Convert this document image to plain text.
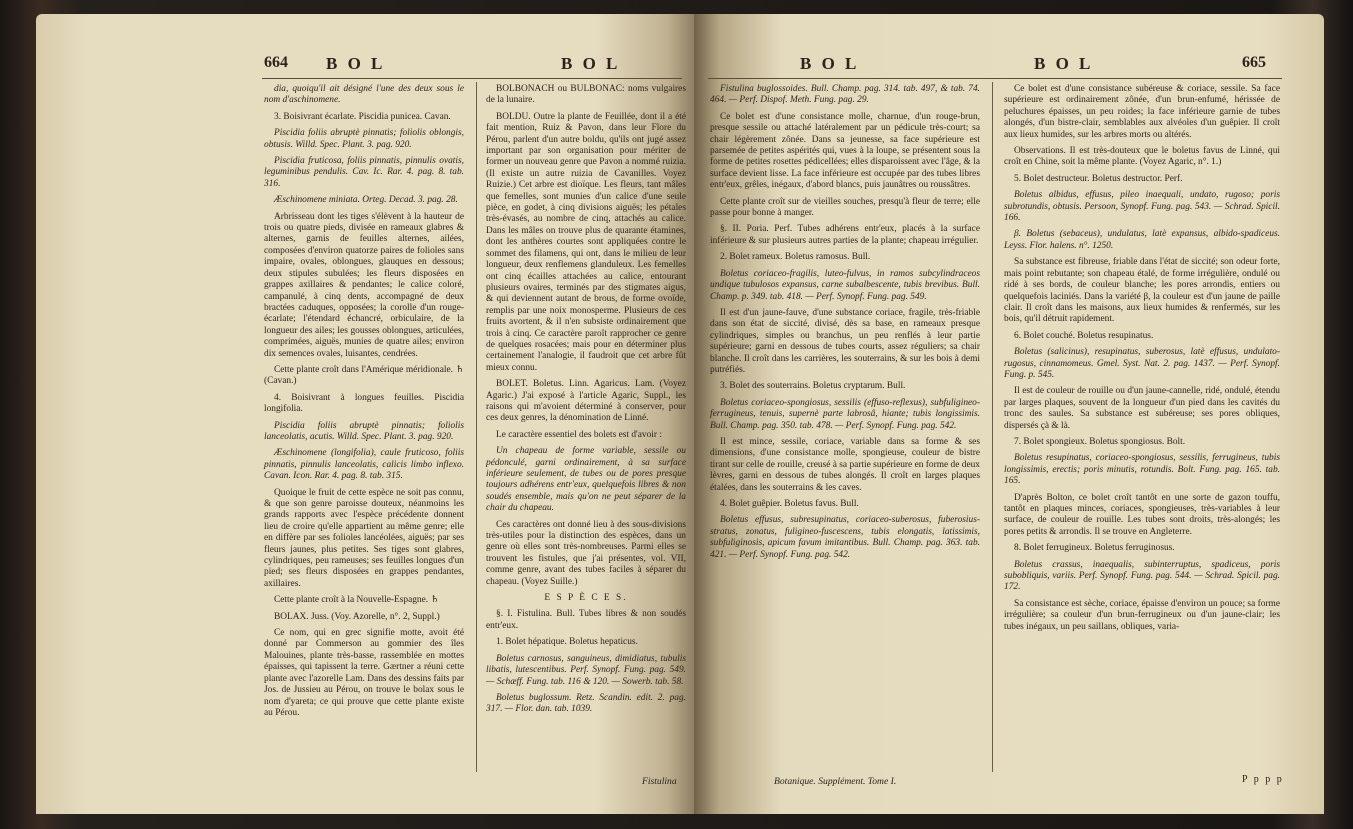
664 B O L	B O L

dia, quoiqu'il ait désigné l'une des deux sous le nom d'aschinomene.

3. Boisivrant écarlate. Piscidia punicea. Cavan.

Piscidia foliis abruptè pinnatis; foliolis oblongis, obtusis. Willd. Spec. Plant. 3. pag. 920.

Piscidia fruticosa, foliis pinnatis, pinnulis ovatis, leguminibus pendulis. Cav. Ic. Rar. 4. pag. 8. tab. 316.

Æschinomene miniata. Orteg. Decad. 3. pag. 28.

Arbrisseau dont les tiges s'élèvent à la hauteur de trois ou quatre pieds, divisée en rameaux glabres & alternes, garnis de feuilles alternes, ailées, composées d'environ quatorze paires de folioles sans impaire, ovales, oblongues, glauques en dessous; deux stipules subulées; les fleurs disposées en grappes axillaires & pendantes; le calice coloré, campanulé, à cinq dents, accompagné de deux bractées caduques, opposées; la corolle d'un rouge-écarlate; l'étendard échancré, orbiculaire, de la longueur des ailes; les gousses oblongues, articulées, comprimées, aiguës, munies de quatre ailes; environ dix semences ovales, luisantes, cendrées.

Cette plante croît dans l'Amérique méridionale. ♄ (Cavan.)

4. Boisivrant à longues feuilles. Piscidia longifolia.

Piscidia foliis abruptè pinnatis; foliolis lanceolatis, acutis. Willd. Spec. Plant. 3. pag. 920.

Æschinomene (longifolia), caule fruticoso, foliis pinnatis, pinnulis lanceolatis, calicis limbo inflexo. Cavan. Icon. Rar. 4. pag. 8. tab. 315.

Quoique le fruit de cette espèce ne soit pas connu, & que son genre paroisse douteux, néanmoins les grands rapports avec l'espèce précédente donnent lieu de croire qu'elle appartient au même genre; elle en diffère par ses folioles lancéolées, aiguës; par ses fleurs jaunes, plus petites. Ses tiges sont glabres, cylindriques, peu rameuses; ses feuilles longues d'un pied; ses fleurs disposées en grappes pendantes, axillaires.

Cette plante croît à la Nouvelle-Espagne. ♄

BOLAX. Juss. (Voy. Azorelle, n°. 2, Suppl.)

Ce nom, qui en grec signifie motte, avoit été donné par Commerson au gommier des îles Malouines, plante très-basse, rassemblée en mottes épaisses, qui tapissent la terre. Gærtner a réuni cette plante avec l'azorelle Lam. Dans des dessins faits par Jos. de Jussieu au Pérou, on trouve le bolax sous le nom d'yareta; ce qui prouve que cette plante existe au Pérou.

BOLBONACH ou BULBONAC: noms vulgaires de la lunaire.

BOLDU. Outre la plante de Feuillée, dont il a été fait mention, Ruiz & Pavon, dans leur Flore du Pérou, parlent d'un autre boldu, qu'ils ont jugé assez important par son organisation pour mériter de former un nouveau genre que Pavon a nommé ruizia. (Il existe un autre ruizia de Cavanilles. Voyez Ruizie.) Cet arbre est dioïque. Les fleurs, tant mâles que femelles, sont munies d'un calice d'une seule pièce, en godet, à cinq divisions aiguës; les pétales très-évasés, au nombre de cinq, attachés au calice. Dans les mâles on trouve plus de quarante étamines, dont les anthères courtes sont appliquées contre le sommet des filamens, qui ont, dans le milieu de leur longueur, deux renflemens glanduleux. Les femelles ont cinq écailles attachées au calice, entourant plusieurs ovaires, terminés par des stigmates aigus, & qui deviennent autant de brous, de forme ovoïde, remplis par une noix monosperme. Plusieurs de ces fruits avortent, & il n'en subsiste ordinairement que trois à cinq. Ce caractère paroît rapprocher ce genre de quelques rosacées; mais pour en déterminer plus certainement l'analogie, il faudroit que cet arbre fût mieux connu.

BOLET. Boletus. Linn. Agaricus. Lam. (Voyez Agaric.) J'ai exposé à l'article Agaric, Suppl., les raisons qui m'avoient déterminé à conserver, pour ces deux genres, la dénomination de Linné.

Le caractère essentiel des bolets est d'avoir :

Un chapeau de forme variable, sessile ou pédonculé, garni ordinairement, à sa surface inférieure seulement, de tubes ou de pores presque toujours adhérens entr'eux, quelquefois libres & non soudés ensemble, mais qu'on ne peut séparer de la chair du chapeau.

Ces caractères ont donné lieu à des sous-divisions très-utiles pour la distinction des espèces, dans un genre où elles sont très-nombreuses. Parmi elles se trouvent les fistules, que j'ai présentes, vol. VII, comme genre, avant des tubes faciles à séparer du chapeau. (Voyez Suille.)

E S P È C E S.

§. I. Fistulina. Bull. Tubes libres & non soudés entr'eux.

1. Bolet hépatique. Boletus hepaticus.

Boletus carnosus, sanguineus, dimidiatus, tubulis libatis, lutescentibus. Perf. Synopf. Fung. pag. 549. — Schæff. Fung. tab. 116 & 120. — Sowerb. tab. 58.

Boletus buglossum. Retz. Scandin. edit. 2. pag. 317. — Flor. dan. tab. 1039.

Fistulina
B O L	B O L	665

Fistulina buglossoides. Bull. Champ. pag. 314. tab. 497, & tab. 74. 464. — Perf. Dispof. Meth. Fung. pag. 29.

Ce bolet est d'une consistance molle, charnue, d'un rouge-brun, presque sessile ou attaché latéralement par un pédicule très-court; sa chair légèrement zônée. Dans sa jeunesse, sa face supérieure est parsemée de petites aspérités qui, vues à la loupe, se présentent sous la forme de petites rosettes pédicellées; elles disparoissent avec l'âge, & la surface devient lisse. La face inférieure est occupée par des tubes libres entr'eux, grêles, inégaux, d'abord blancs, puis jaunâtres ou roussâtres.

Cette plante croît sur de vieilles souches, presqu'à fleur de terre; elle passe pour bonne à manger.

§. II. Poria. Perf. Tubes adhérens entr'eux, placés à la surface inférieure & sur plusieurs autres parties de la plante; chapeau irrégulier.

2. Bolet rameux. Boletus ramosus. Bull.

Boletus coriaceo-fragilis, luteo-fulvus, in ramos subcylindraceos undique tubulosos expansus, carne subalbescente, tubis brevibus. Bull. Champ. p. 349. tab. 418. — Perf. Synopf. Fung. pag. 549.

Il est d'un jaune-fauve, d'une substance coriace, fragile, très-friable dans son état de siccité, divisé, dès sa base, en rameaux presque cylindriques, simples ou branchus, un peu renflés à leur partie supérieure; garni en dessous de tubes courts, assez réguliers; sa chair blanche. Il croît dans les carrières, les souterrains, & sur les bois à demi putréfiés.

3. Bolet des souterrains. Boletus cryptarum. Bull.

Boletus coriaceo-spongiosus, sessilis (effuso-reflexus), subfuligineo-ferrugineus, tenuis, supernè parte labrosâ, hiante; tubis longissimis. Bull. Champ. pag. 350. tab. 478. — Perf. Synopf. Fung. pag. 542.

Il est mince, sessile, coriace, variable dans sa forme & ses dimensions, d'une consistance molle, spongieuse, couleur de bistre tirant sur celle de rouille, creusé à sa partie supérieure en forme de deux lèvres, garni en dessous de tubes alongés. Il croît en larges plaques étalées, dans les souterrains & les caves.

4. Bolet guêpier. Boletus favus. Bull.

Boletus effusus, subresupinatus, coriaceo-suberosus, fuberosius-stratus, zonatus, fuligineo-fuscescens, tubis elongatis, latissimis, subfuliginosis, apicum favum imitantibus. Bull. Champ. pag. 363. tab. 421. — Perf. Synopf. Fung. pag. 542.

Ce bolet est d'une consistance subéreuse & coriace, sessile. Sa face supérieure est ordinairement zônée, d'un brun-enfumé, hérissée de peluchures épaisses, un peu roides; la face inférieure garnie de tubes alongés, d'un bistre-clair, semblables aux alvéoles d'un guêpier. Il croît aux lieux humides, sur les arbres morts ou altérés.

Observations. Il est très-douteux que le boletus favus de Linné, qui croît en Chine, soit la même plante. (Voyez Agaric, n°. 1.)

5. Bolet destructeur. Boletus destructor. Perf.

Boletus albidus, effusus, pileo inaequali, undato, rugoso; poris subrotundis, obtusis. Persoon, Synopf. Fung. pag. 543. — Schrad. Spicil. 166.

β. Boletus (sebaceus), undulatus, latè expansus, albido-spadiceus. Leyss. Flor. halens. n°. 1250.

Sa substance est fibreuse, friable dans l'état de siccité; son odeur forte, mais point rebutante; son chapeau étalé, de forme irrégulière, ondulé ou ridé à ses bords, de couleur blanche; les pores arrondis, entiers ou quelquefois laciniés. Dans la variété β, la couleur est d'un jaune de paille clair. Il croît dans les maisons, aux lieux humides & renfermés, sur les bois, qu'il détruit rapidement.

6. Bolet couché. Boletus resupinatus.

Boletus (salicinus), resupinatus, suberosus, latè effusus, undulato-rugosus, cinnamomeus. Gmel. Syst. Nat. 2. pag. 1437. — Perf. Synopf. Fung. p. 545.

Il est de couleur de rouille ou d'un jaune-cannelle, ridé, ondulé, étendu par larges plaques, souvent de la longueur d'un pied dans les cavités du tronc des saules. Sa substance est subéreuse; ses pores obliques, dispersés çà & là.

7. Bolet spongieux. Boletus spongiosus. Bolt.

Boletus resupinatus, coriaceo-spongiosus, sessilis, ferrugineus, tubis longissimis, erectis; poris minutis, rotundis. Bolt. Fung. pag. 165. tab. 165.

D'après Bolton, ce bolet croît tantôt en une sorte de gazon touffu, tantôt en plaques minces, coriaces, spongieuses, très-variables à leur surface, de couleur de rouille. Les tubes sont droits, très-alongés; les pores petits & arrondis. Il se trouve en Angleterre.

8. Bolet ferrugineux. Boletus ferruginosus.

Boletus crassus, inaequalis, subinterruptus, spadiceus, poris subobliquis, variis. Perf. Synopf. Fung. pag. 544. — Schrad. Spicil. pag. 172.

Sa consistance est sèche, coriace, épaisse d'environ un pouce; sa forme irrégulière; sa couleur d'un brun-ferrugineux ou d'un jaune-clair; les tubes inégaux, un peu saillans, obliques, varia-

Botanique. Supplément. Tome I.	P p p p
